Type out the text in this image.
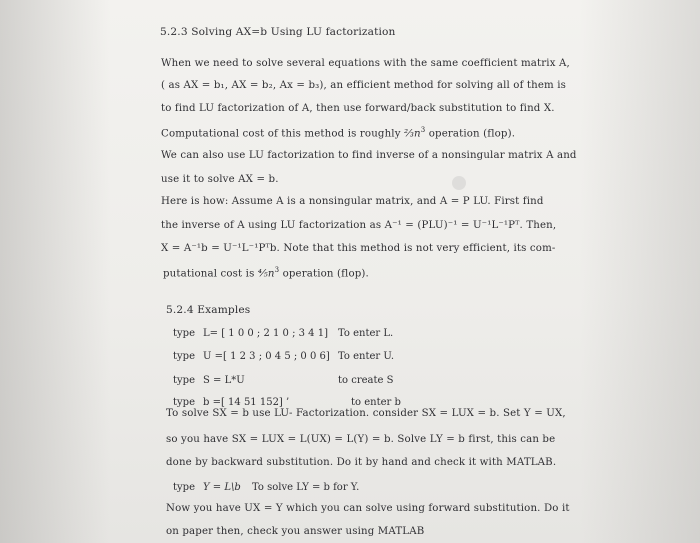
5.2.3 Solving AX=b Using LU factorization
When we need to solve several equations with the same coefficient matrix A,
( as AX = b₁, AX = b₂, Ax = b₃), an efficient method for solving all of them is
to find LU factorization of A, then use forward/back substitution to find X.
Computational cost of this method is roughly $\frac{2}{3}n^3$ operation (flop).
We can also use LU factorization to find inverse of a nonsingular matrix A and
use it to solve AX = b.
Here is how: Assume A is a nonsingular matrix, and A = P LU. First find
the inverse of A using LU factorization as A⁻¹ = (PLU)⁻¹ = U⁻¹L⁻¹Pᵀ. Then,
X = A⁻¹b = U⁻¹L⁻¹Pᵀb. Note that this method is not very efficient, its com-
putational cost is $\frac{4}{5}n^3$ operation (flop).
5.2.4 Examples
type L= [ 1 0 0 ; 2 1 0 ; 3 4 1] To enter L.
type U =[ 1 2 3 ; 0 4 5 ; 0 0 6] To enter U.
type S = L*U	to create S
type b =[ 14 51 152] ’	to enter b
To solve SX = b use LU- Factorization. consider SX = LUX = b. Set Y = UX,
so you have SX = LUX = L(UX) = L(Y) = b. Solve LY = b first, this can be
done by backward substitution. Do it by hand and check it with MATLAB.
type Y = L\b To solve LY = b for Y.
Now you have UX = Y which you can solve using forward substitution. Do it
on paper then, check you answer using MATLAB
